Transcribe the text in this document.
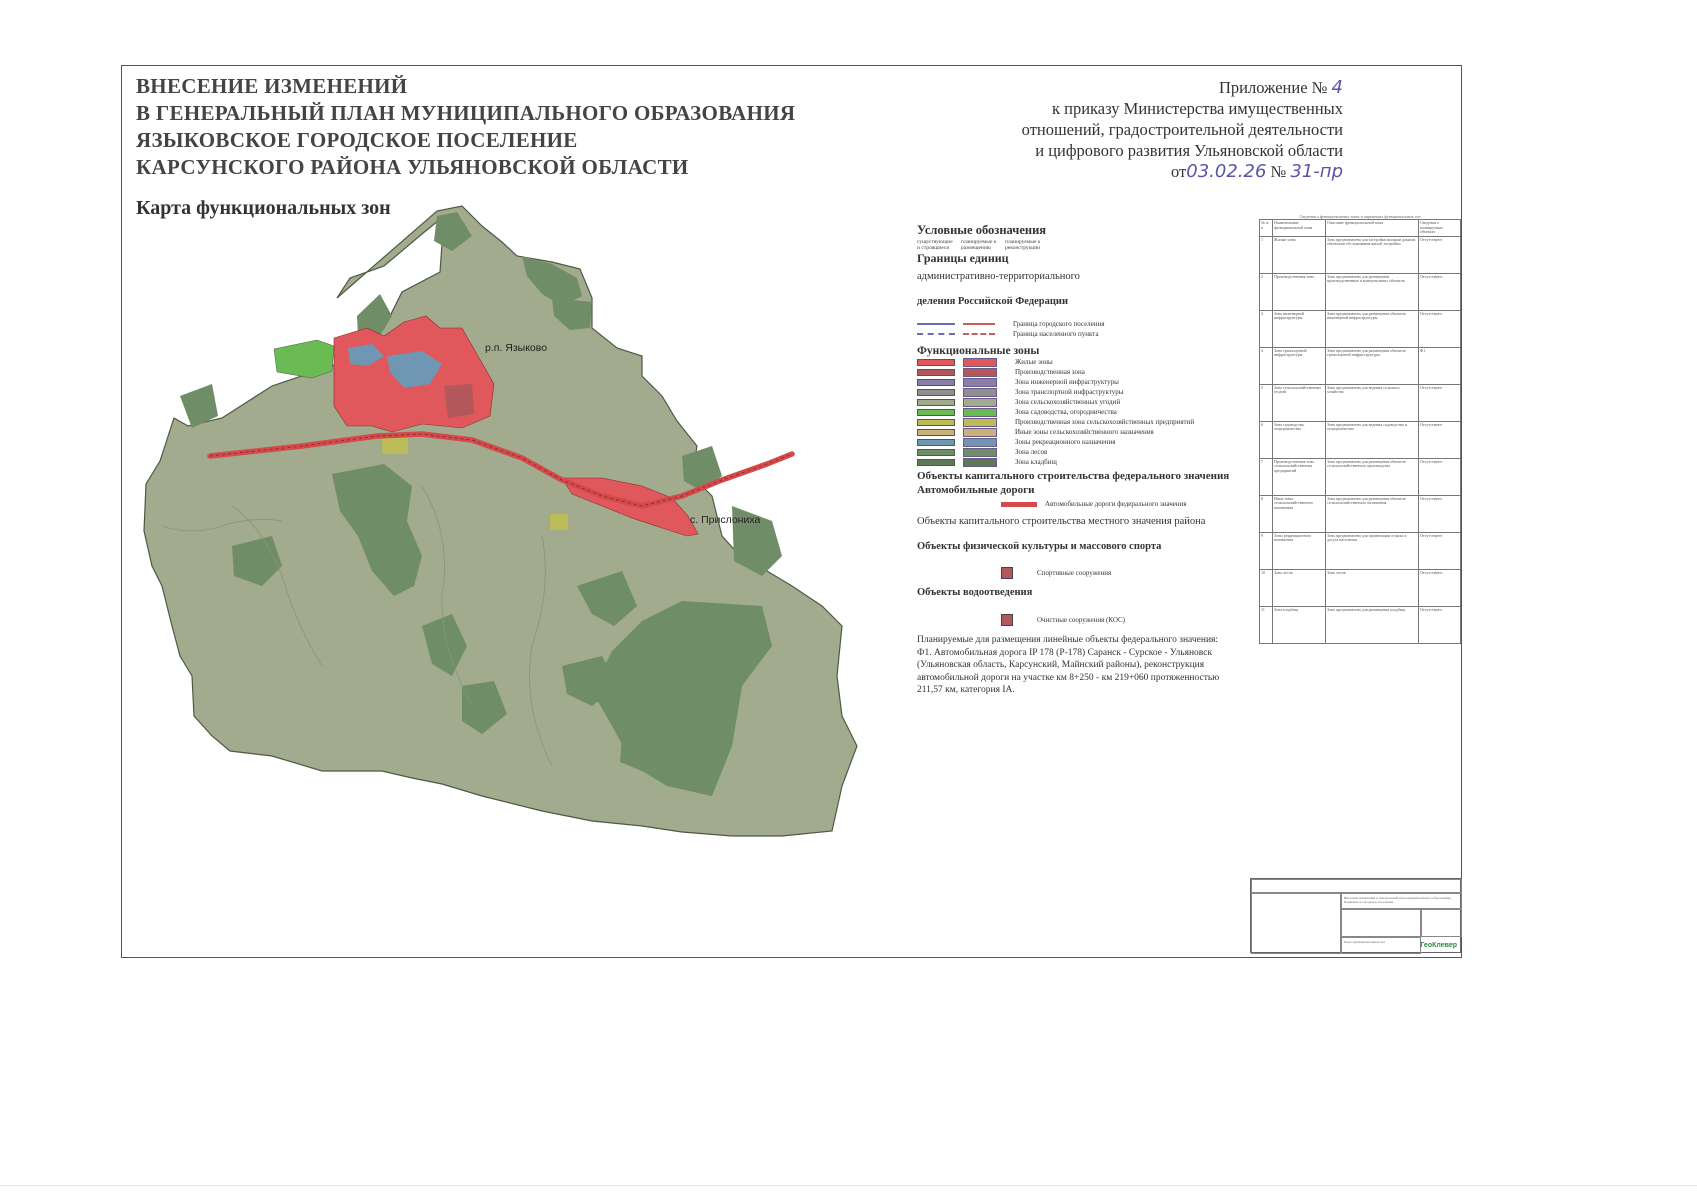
р.п. Языково
с. Прислониха
ВНЕСЕНИЕ ИЗМЕНЕНИЙ
В ГЕНЕРАЛЬНЫЙ ПЛАН МУНИЦИПАЛЬНОГО ОБРАЗОВАНИЯ
ЯЗЫКОВСКОЕ ГОРОДСКОЕ ПОСЕЛЕНИЕ
КАРСУНСКОГО РАЙОНА УЛЬЯНОВСКОЙ ОБЛАСТИ
Карта функциональных зон
Приложение № 4
к приказу Министерства имущественных
отношений, градостроительной деятельности
и цифрового развития Ульяновской области
от03.02.26 № 31-пр

Условные обозначения

существующие и строящиеся
планируемые к размещению
планируемые к реконструкции

Границы единиц

административно-территориального

деления Российской Федерации

Граница городского поселения
Граница населенного пункта

Функциональные зоны

Жилые зоны
Производственная зона
Зона инженерной инфраструктуры
Зона транспортной инфраструктуры
Зона сельскохозяйственных угодий
Зона садоводства, огородничества
Производственная зона сельскохозяйственных предприятий
Иные зоны сельскохозяйственного назначения
Зоны рекреационного назначения
Зона лесов
Зона кладбищ

Объекты капитального строительства федерального значения

Автомобильные дороги

Автомобильные дороги федерального значения

Объекты капитального строительства местного значения района

Объекты физической культуры и массового спорта

Спортивные сооружения

Объекты водоотведения

Очистные сооружения (КОС)
Планируемые для размещения линейные объекты федерального значения: Ф1. Автомобильная дорога IP 178 (Р-178) Саранск - Сурское - Ульяновск (Ульяновская область, Карсунский, Майнский районы), реконструкция автомобильной дороги на участке км 8+250 - км 219+060 протяженностью 211,57 км, категория IA.
Сведения о функциональных зонах и параметрах функциональных зон
№ п/п	Наименование функциональной зоны	Описание функциональной зоны	Сведения о планируемых объектах
1	Жилые зоны	Зона предназначена для застройки жилыми домами, объектами обслуживания жилой застройки	Отсутствуют
2	Производственная зона	Зона предназначена для размещения производственных и коммунальных объектов	Отсутствуют
3	Зона инженерной инфраструктуры	Зона предназначена для размещения объектов инженерной инфраструктуры	Отсутствуют
4	Зона транспортной инфраструктуры	Зона предназначена для размещения объектов транспортной инфраструктуры	Ф1
5	Зона сельскохозяйственных угодий	Зона предназначена для ведения сельского хозяйства	Отсутствуют
6	Зона садоводства, огородничества	Зона предназначена для ведения садоводства и огородничества	Отсутствуют
7	Производственная зона сельскохозяйственных предприятий	Зона предназначена для размещения объектов сельскохозяйственного производства	Отсутствуют
8	Иные зоны сельскохозяйственного назначения	Зона предназначена для размещения объектов сельскохозяйственного назначения	Отсутствуют
9	Зоны рекреационного назначения	Зона предназначена для организации отдыха и досуга населения	Отсутствуют
10	Зона лесов	Зона лесов	Отсутствуют
11	Зона кладбищ	Зона предназначена для размещения кладбищ	Отсутствуют
Внесение изменений в генеральный план муниципального образования Языковское городское поселение
Карта функциональных зон	ГеоКлевер
